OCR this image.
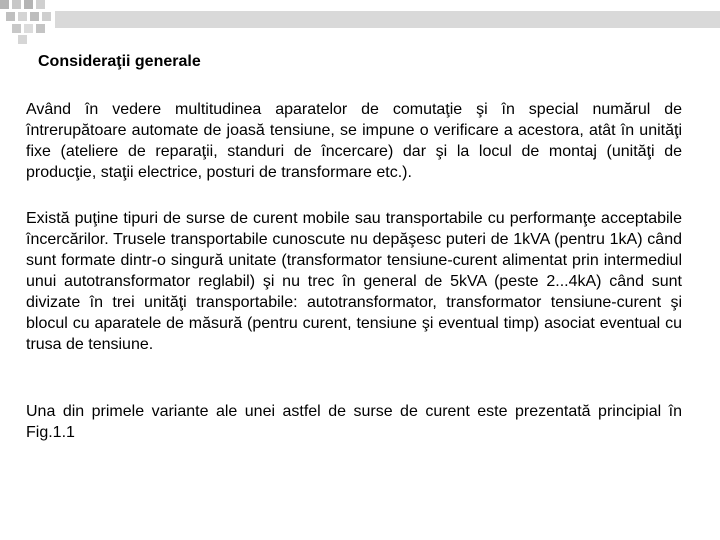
Consideraţii generale

Având în vedere multitudinea aparatelor de comutaţie şi în special numărul de întrerupătoare automate de joasă tensiune, se impune o verificare a acestora, atât în unităţi fixe (ateliere de reparaţii, standuri de încercare) dar şi la locul de montaj (unităţi de producţie, staţii electrice, posturi de transformare etc.).

Există puţine tipuri de surse de curent mobile sau transportabile cu performanţe acceptabile încercărilor. Trusele transportabile cunoscute nu depăşesc puteri de 1kVA (pentru 1kA) când sunt formate dintr-o singură unitate (transformator tensiune-curent alimentat prin intermediul unui autotransformator reglabil) şi nu trec în general de 5kVA (peste 2...4kA) când sunt divizate în trei unităţi transportabile: autotransformator, transformator tensiune-curent şi blocul cu aparatele de măsură (pentru curent, tensiune şi eventual timp) asociat eventual cu trusa de tensiune.

Una din primele variante ale unei astfel de surse de curent este prezentată principial în Fig.1.1
